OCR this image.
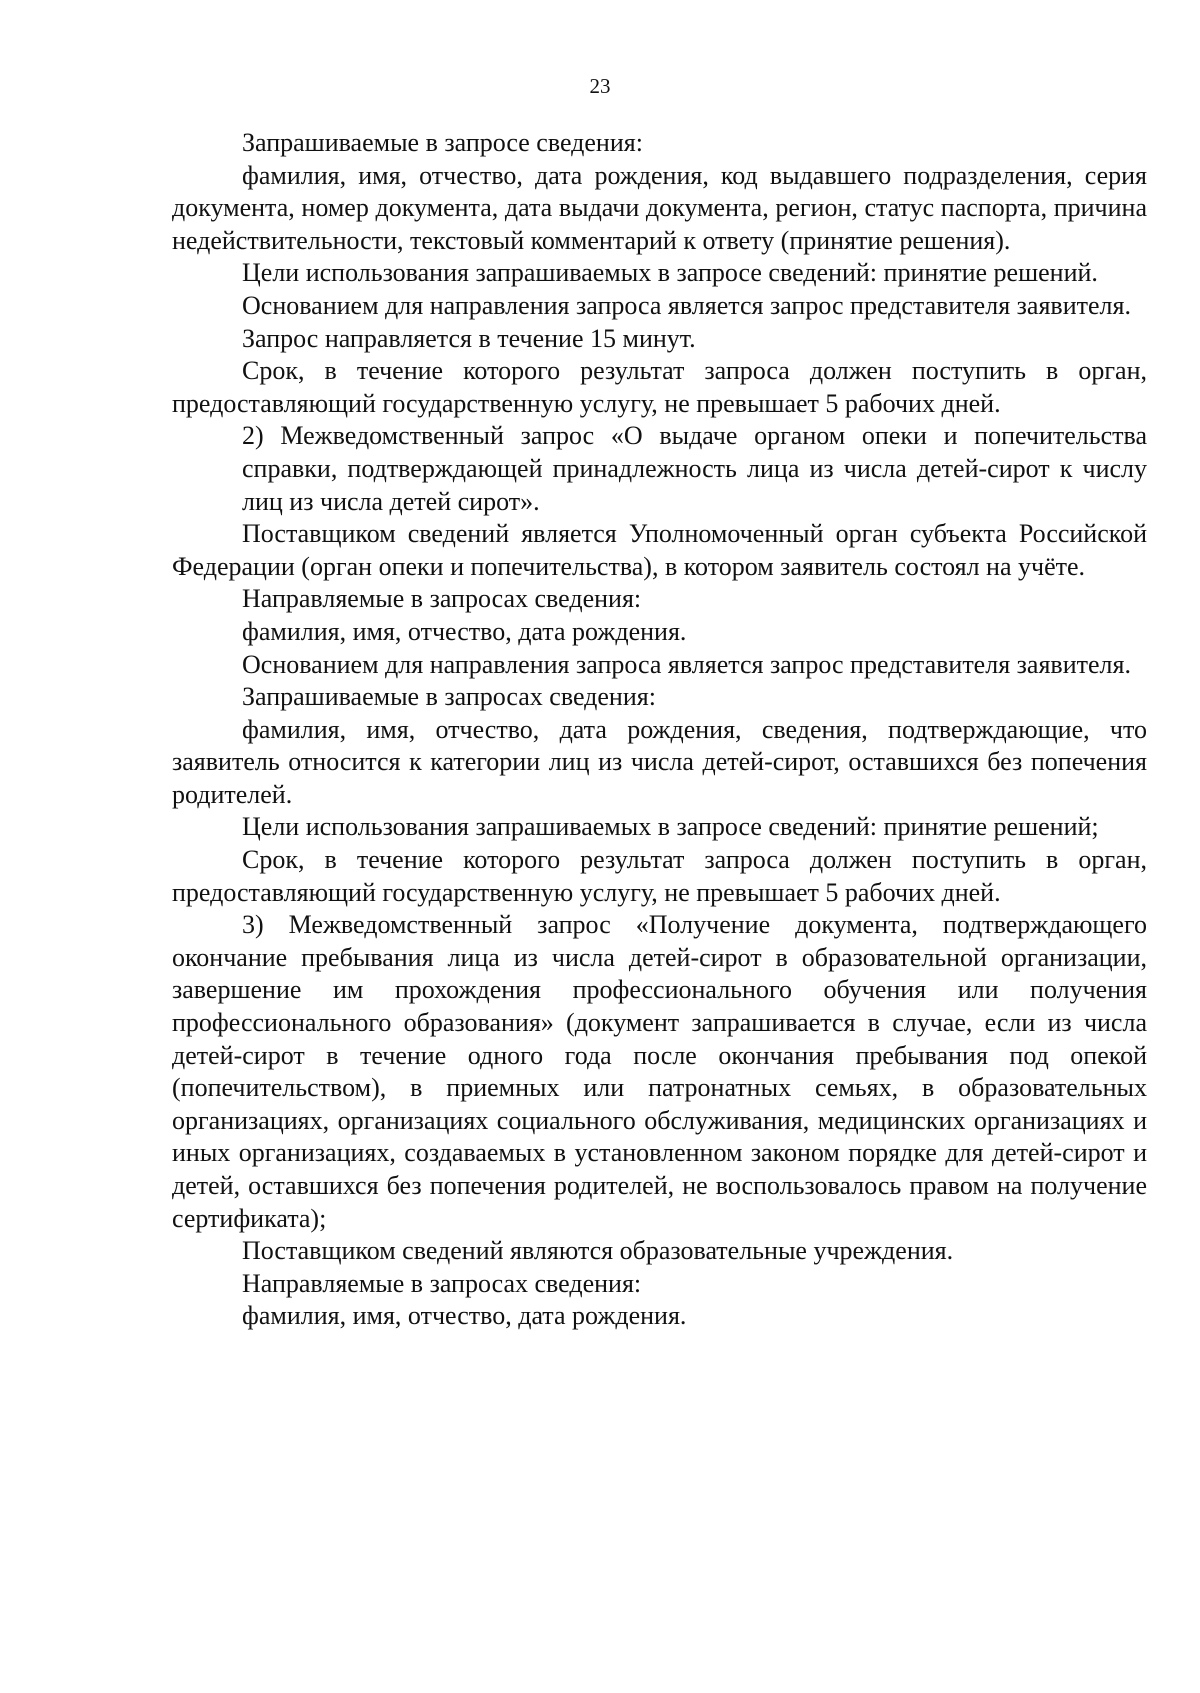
23

Запрашиваемые в запросе сведения:

фамилия, имя, отчество, дата рождения, код выдавшего подразделения, серия документа, номер документа, дата выдачи документа, регион, статус паспорта, причина недействительности, текстовый комментарий к ответу (принятие решения).

Цели использования запрашиваемых в запросе сведений: принятие решений.

Основанием для направления запроса является запрос представителя заявителя.

Запрос направляется в течение 15 минут.

Срок, в течение которого результат запроса должен поступить в орган, предоставляющий государственную услугу, не превышает 5 рабочих дней.

2) Межведомственный запрос «О выдаче органом опеки и попечительства справки, подтверждающей принадлежность лица из числа детей-сирот к числу лиц из числа детей сирот».

Поставщиком сведений является Уполномоченный орган субъекта Российской Федерации (орган опеки и попечительства), в котором заявитель состоял на учёте.

Направляемые в запросах сведения:

фамилия, имя, отчество, дата рождения.

Основанием для направления запроса является запрос представителя заявителя.

Запрашиваемые в запросах сведения:

фамилия, имя, отчество, дата рождения, сведения, подтверждающие, что заявитель относится к категории лиц из числа детей-сирот, оставшихся без попечения родителей.

Цели использования запрашиваемых в запросе сведений: принятие решений;

Срок, в течение которого результат запроса должен поступить в орган, предоставляющий государственную услугу, не превышает 5 рабочих дней.

3) Межведомственный запрос «Получение документа, подтверждающего окончание пребывания лица из числа детей-сирот в образовательной организации, завершение им прохождения профессионального обучения или получения профессионального образования» (документ запрашивается в случае, если из числа детей-сирот в течение одного года после окончания пребывания под опекой (попечительством), в приемных или патронатных семьях, в образовательных организациях, организациях социального обслуживания, медицинских организациях и иных организациях, создаваемых в установленном законом порядке для детей-сирот и детей, оставшихся без попечения родителей, не воспользовалось правом на получение сертификата);

Поставщиком сведений являются образовательные учреждения.

Направляемые в запросах сведения:

фамилия, имя, отчество, дата рождения.
